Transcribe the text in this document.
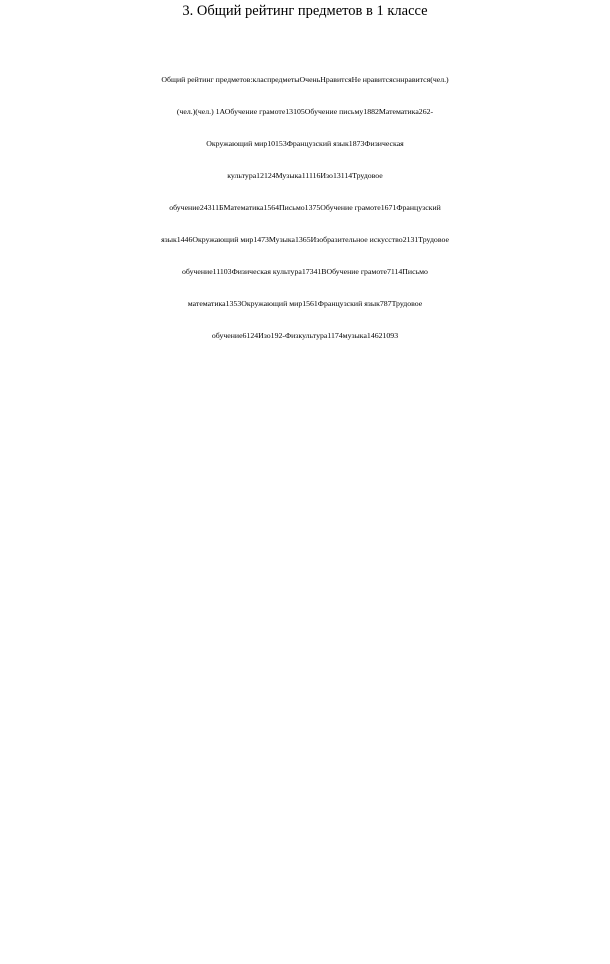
3. Общий рейтинг предметов в 1 классе
Общий рейтинг предметов:класпредметыОченьНравитсяНе нравитсясннравится(чел.)
(чел.)(чел.) 1АОбучение грамоте13105Обучение письму1882Математика262-
Окружающий мир10153Французский язык1873Физическая
культура12124Музыка11116Изо13114Трудовое
обучение24311БМатематика1564Письмо1375Обучение грамоте1671Французский
язык1446Окружающий мир1473Музыка1365Изобразительное искусство2131Трудовое
обучение11103Физическая культура17341ВОбучение грамоте7114Письмо
математика1353Окружающий мир1561Французский язык787Трудовое
обучение6124Изо192-Физкультура1174музыка14621093
